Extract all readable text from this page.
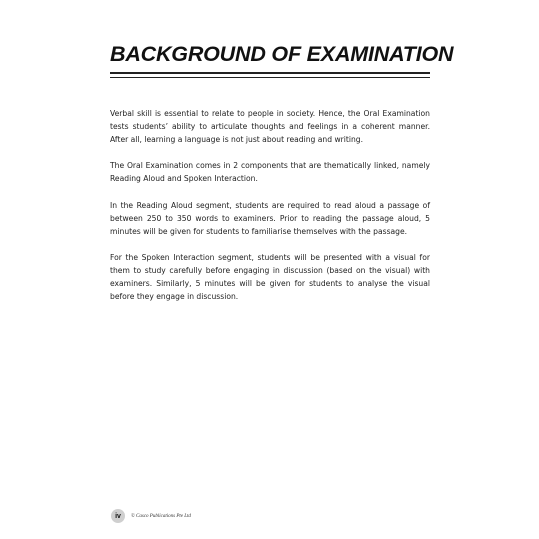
BACKGROUND OF EXAMINATION

Verbal skill is essential to relate to people in society. Hence, the Oral Examination tests students’ ability to articulate thoughts and feelings in a coherent manner. After all, learning a language is not just about reading and writing.

The Oral Examination comes in 2 components that are thematically linked, namely Reading Aloud and Spoken Interaction.

In the Reading Aloud segment, students are required to read aloud a passage of between 250 to 350 words to examiners. Prior to reading the passage aloud, 5 minutes will be given for students to familiarise themselves with the passage.

For the Spoken Interaction segment, students will be presented with a visual for them to study carefully before engaging in discussion (based on the visual) with examiners. Similarly, 5 minutes will be given for students to analyse the visual before they engage in discussion.

iv	© Casco Publications Pte Ltd
